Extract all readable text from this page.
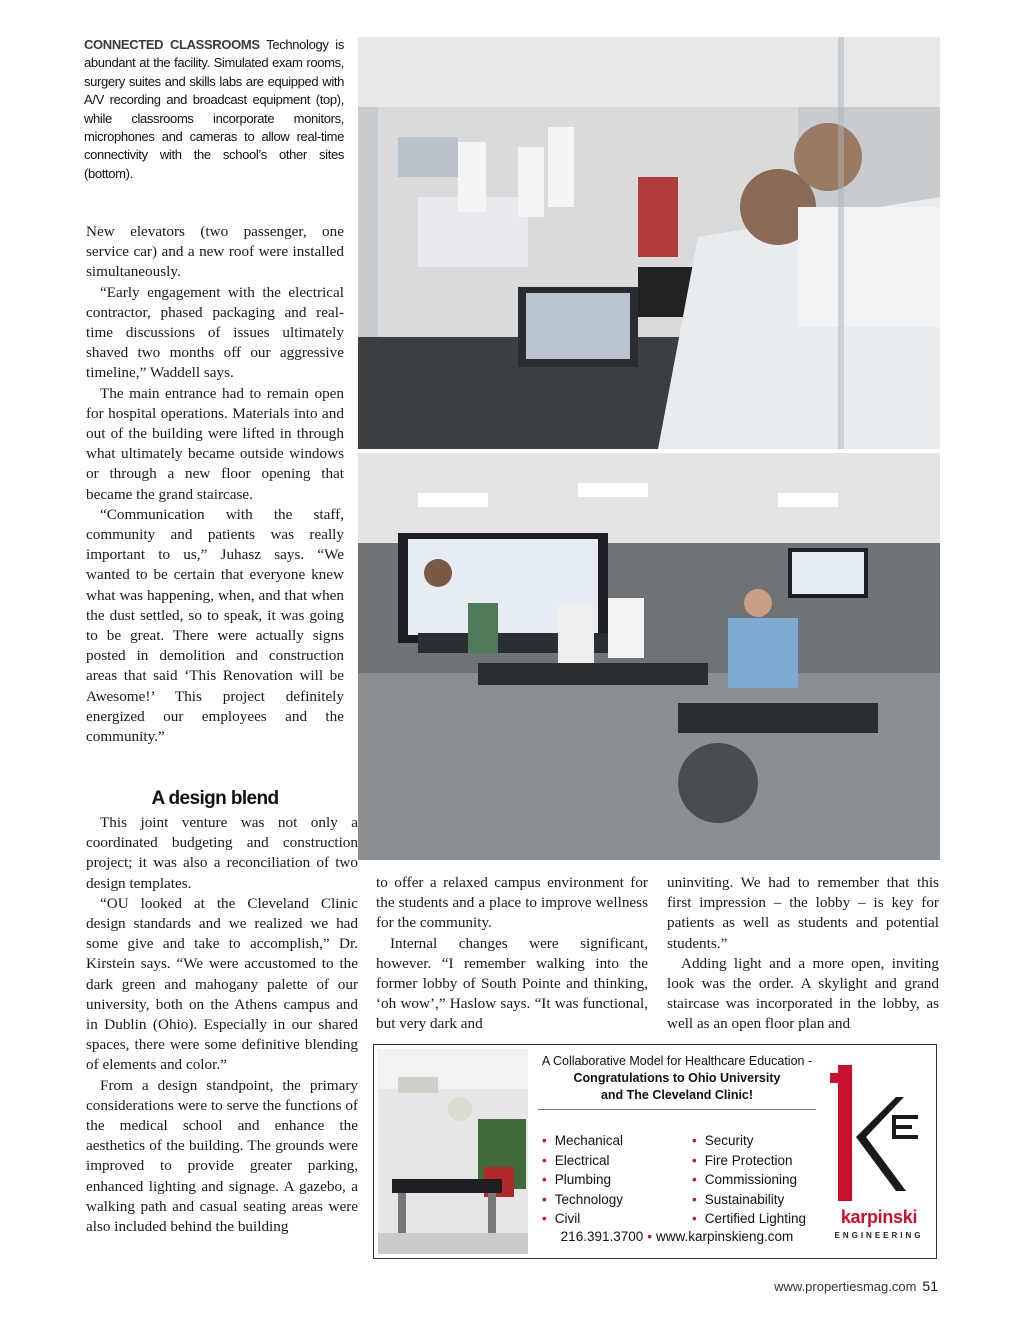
CONNECTED CLASSROOMS Technology is abundant at the facility. Simulated exam rooms, surgery suites and skills labs are equipped with A/V recording and broadcast equipment (top), while classrooms incorporate monitors, microphones and cameras to allow real-time connectivity with the school’s other sites (bottom).

New elevators (two passenger, one service car) and a new roof were installed simultaneously.

“Early engagement with the electrical contractor, phased packaging and real-time discussions of issues ultimately shaved two months off our aggressive timeline,” Waddell says.

The main entrance had to remain open for hospital operations. Materials into and out of the building were lifted in through what ultimately became outside windows or through a new floor opening that became the grand staircase.

“Communication with the staff, community and patients was really important to us,” Juhasz says. “We wanted to be certain that everyone knew what was happening, when, and that when the dust settled, so to speak, it was going to be great. There were actually signs posted in demolition and construction areas that said ‘This Renovation will be Awesome!’ This project definitely energized our employees and the community.”

A design blend

This joint venture was not only a coordinated budgeting and construction project; it was also a reconciliation of two design templates.

“OU looked at the Cleveland Clinic design standards and we realized we had some give and take to accomplish,” Dr. Kirstein says. “We were accustomed to the dark green and mahogany palette of our university, both on the Athens campus and in Dublin (Ohio). Especially in our shared spaces, there were some definitive blending of elements and color.”

From a design standpoint, the primary considerations were to serve the functions of the medical school and enhance the aesthetics of the building. The grounds were improved to provide greater parking, enhanced lighting and signage. A gazebo, a walking path and casual seating areas were also included behind the building

to offer a relaxed campus environment for the students and a place to improve wellness for the community.

Internal changes were significant, however. “I remember walking into the former lobby of South Pointe and thinking, ‘oh wow’,” Haslow says. “It was functional, but very dark and

uninviting. We had to remember that this first impression – the lobby – is key for patients as well as students and potential students.”

Adding light and a more open, inviting look was the order. A skylight and grand staircase was incorporated in the lobby, as well as an open floor plan and

A Collaborative Model for Healthcare Education -
Congratulations to Ohio University
and The Cleveland Clinic!
• Mechanical
• Electrical
• Plumbing
• Technology
• Civil
• Security
• Fire Protection
• Commissioning
• Sustainability
• Certified Lighting
216.391.3700 • www.karpinskieng.com
karpinski
ENGINEERING
www.propertiesmag.com 51
